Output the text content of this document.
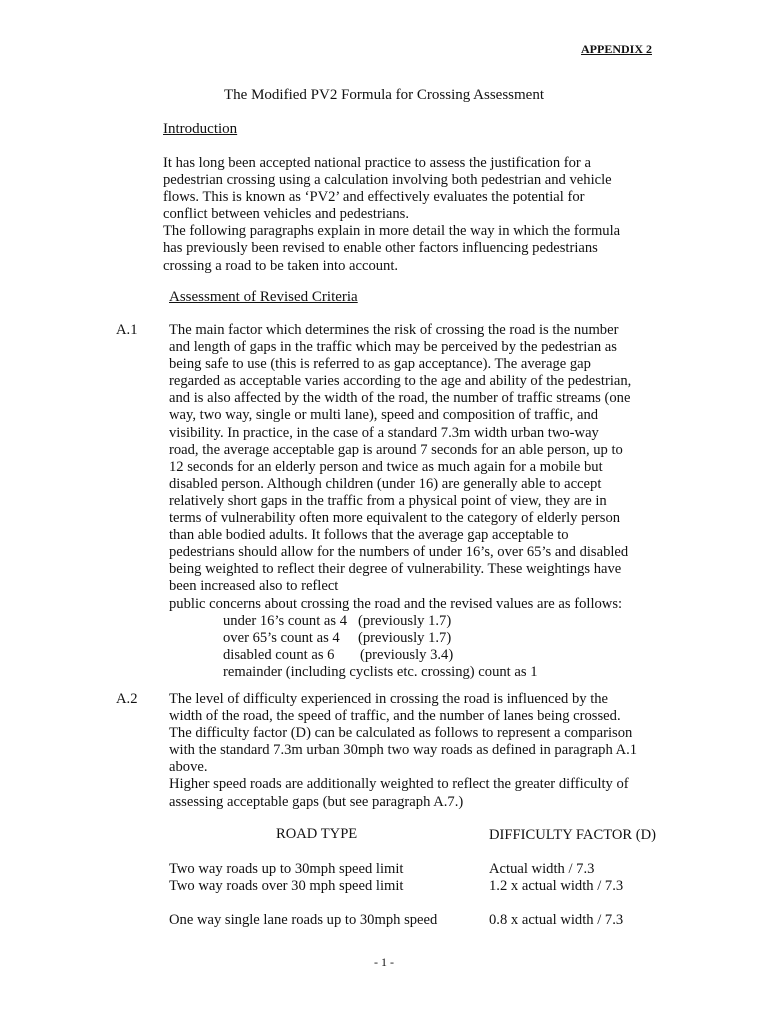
APPENDIX 2
The Modified PV2 Formula for Crossing Assessment
Introduction

It has long been accepted national practice to assess the justification for a

pedestrian crossing using a calculation involving both pedestrian and vehicle

flows. This is known as ‘PV2’ and effectively evaluates the potential for

conflict between vehicles and pedestrians.

The following paragraphs explain in more detail the way in which the formula

has previously been revised to enable other factors influencing pedestrians

crossing a road to be taken into account.

Assessment of Revised Criteria
A.1 The main factor which determines the risk of crossing the road is the number
and length of gaps in the traffic which may be perceived by the pedestrian as
being safe to use (this is referred to as gap acceptance). The average gap
regarded as acceptable varies according to the age and ability of the pedestrian,
and is also affected by the width of the road, the number of traffic streams (one
way, two way, single or multi lane), speed and composition of traffic, and
visibility. In practice, in the case of a standard 7.3m width urban two-way
road, the average acceptable gap is around 7 seconds for an able person, up to
12 seconds for an elderly person and twice as much again for a mobile but
disabled person. Although children (under 16) are generally able to accept
relatively short gaps in the traffic from a physical point of view, they are in
terms of vulnerability often more equivalent to the category of elderly person
than able bodied adults. It follows that the average gap acceptable to
pedestrians should allow for the numbers of under 16’s, over 65’s and disabled
being weighted to reflect their degree of vulnerability. These weightings have
been increased also to reflect
public concerns about crossing the road and the revised values are as follows:
under 16’s count as 4   (previously 1.7)
over 65’s count as 4     (previously 1.7)
disabled count as 6       (previously 3.4)
remainder (including cyclists etc. crossing) count as 1
A.2 The level of difficulty experienced in crossing the road is influenced by the
width of the road, the speed of traffic, and the number of lanes being crossed.
The difficulty factor (D) can be calculated as follows to represent a comparison
with the standard 7.3m urban 30mph two way roads as defined in paragraph A.1
above.
Higher speed roads are additionally weighted to reflect the greater difficulty of
assessing acceptable gaps (but see paragraph A.7.)
ROAD TYPE	DIFFICULTY FACTOR (D)
Two way roads up to 30mph speed limit	Actual width / 7.3
Two way roads over 30 mph speed limit	1.2 x actual width / 7.3
One way single lane roads up to 30mph speed	0.8 x actual width / 7.3
- 1 -
